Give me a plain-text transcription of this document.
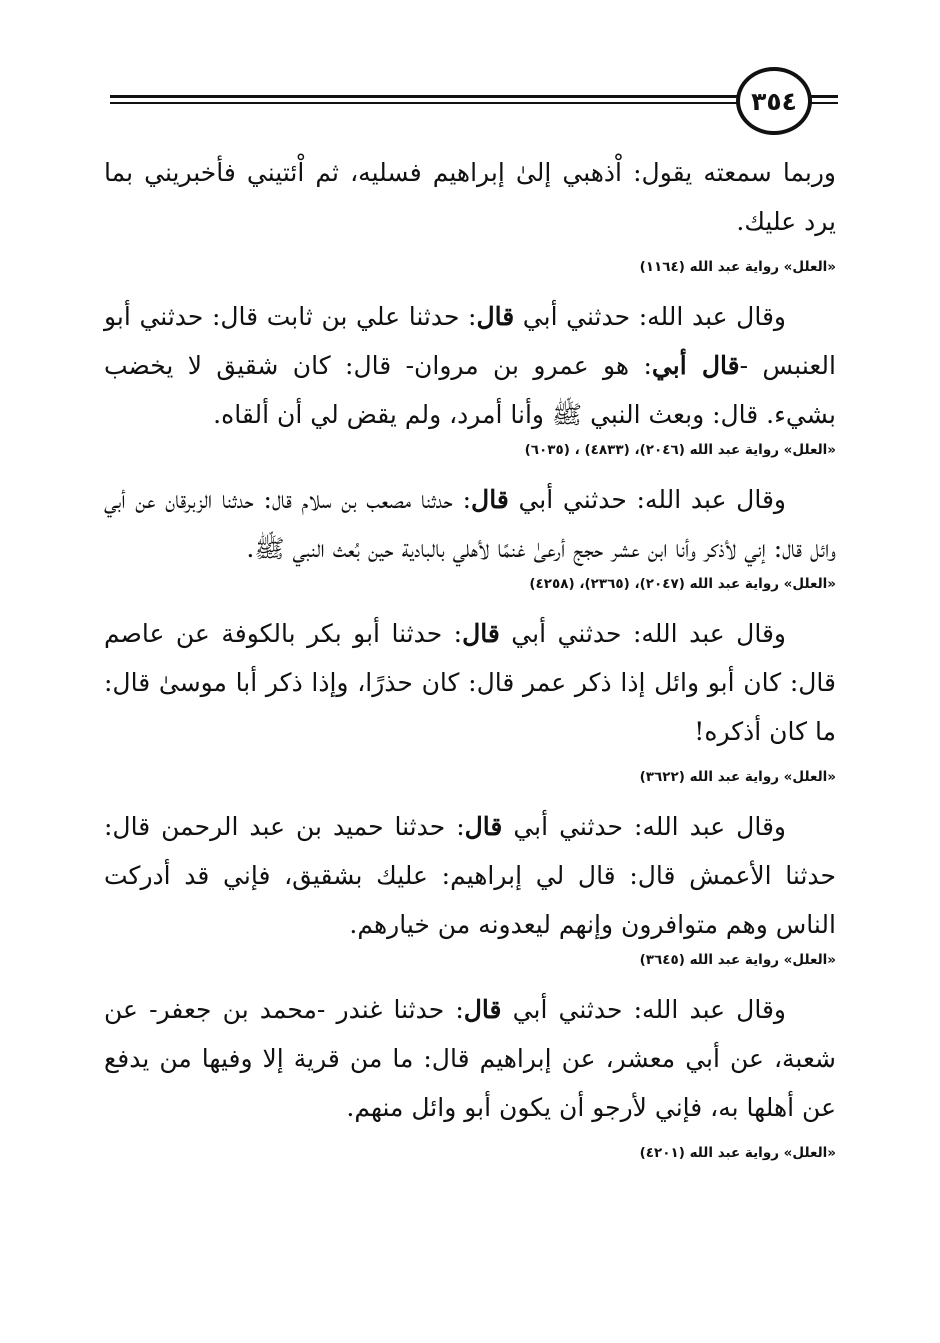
٣٥٤

وربما سمعته يقول: اْذهبي إلىٰ إبراهيم فسليه، ثم اْئتيني فأخبريني بما يرد عليك.

«العلل» رواية عبد الله (١١٦٤)

وقال عبد الله: حدثني أبي قال: حدثنا علي بن ثابت قال: حدثني أبو العنبس -قال أبي: هو عمرو بن مروان- قال: كان شقيق لا يخضب بشيء. قال: وبعث النبي ﷺ وأنا أمرد، ولم يقض لي أن ألقاه.

«العلل» رواية عبد الله (٢٠٤٦)، (٤٨٣٣) ، (٦٠٣٥)

وقال عبد الله: حدثني أبي قال: حدثنا مصعب بن سلام قال: حدثنا الزبرقان عن أبي وائل قال: إني لأذكر وأنا ابن عشر حجج أرعىٰ غنمًا لأهلي بالبادية حين بُعث النبي ﷺ.

«العلل» رواية عبد الله (٢٠٤٧)، (٢٣٦٥)، (٤٢٥٨)

وقال عبد الله: حدثني أبي قال: حدثنا أبو بكر بالكوفة عن عاصم قال: كان أبو وائل إذا ذكر عمر قال: كان حذرًا، وإذا ذكر أبا موسىٰ قال: ما كان أذكره!

«العلل» رواية عبد الله (٣٦٢٢)

وقال عبد الله: حدثني أبي قال: حدثنا حميد بن عبد الرحمن قال: حدثنا الأعمش قال: قال لي إبراهيم: عليك بشقيق، فإني قد أدركت الناس وهم متوافرون وإنهم ليعدونه من خيارهم.

«العلل» رواية عبد الله (٣٦٤٥)

وقال عبد الله: حدثني أبي قال: حدثنا غندر -محمد بن جعفر- عن شعبة، عن أبي معشر، عن إبراهيم قال: ما من قرية إلا وفيها من يدفع عن أهلها به، فإني لأرجو أن يكون أبو وائل منهم.

«العلل» رواية عبد الله (٤٢٠١)
